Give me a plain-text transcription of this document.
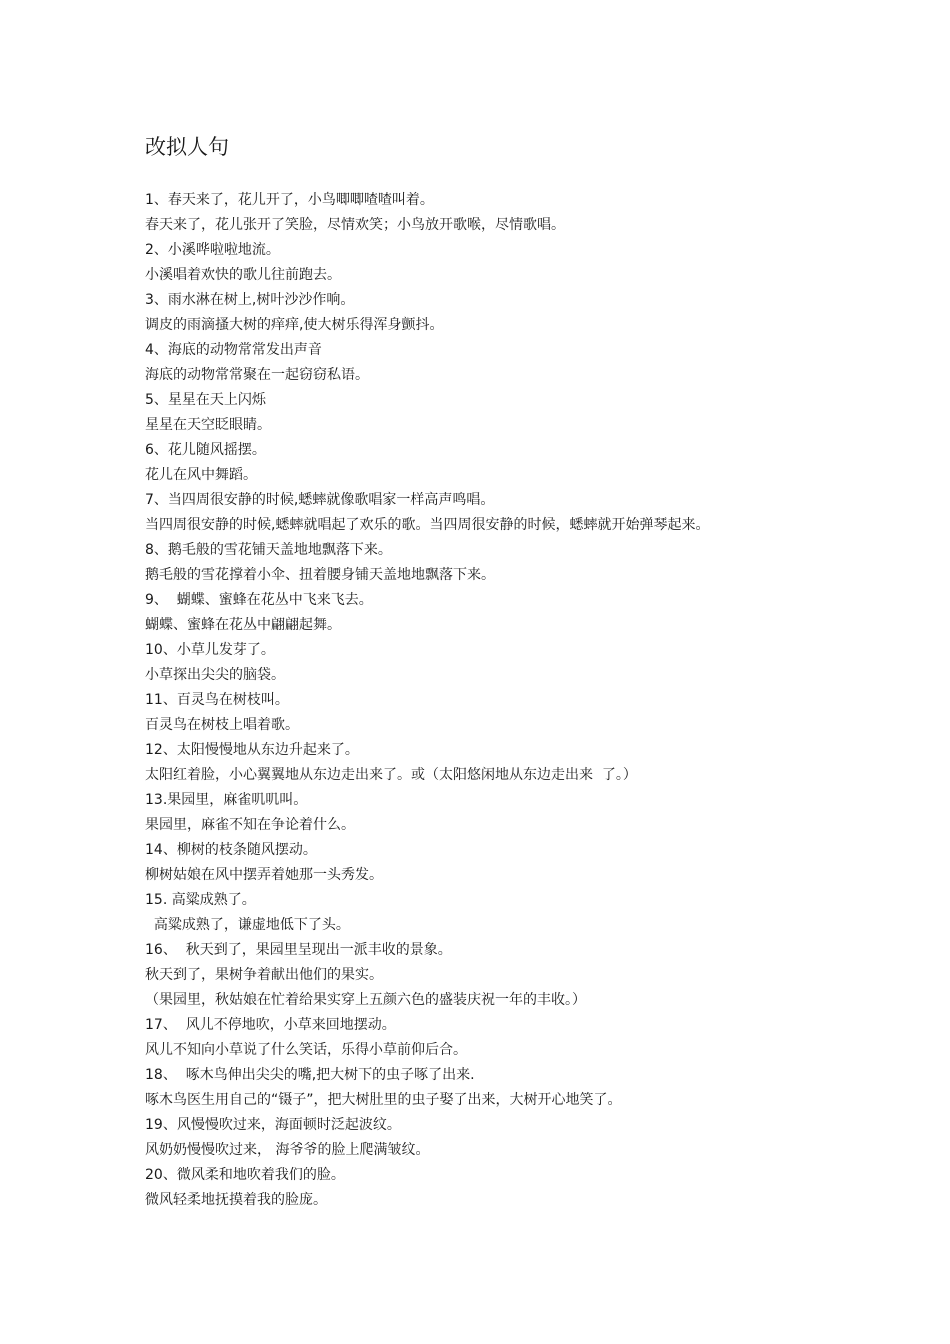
改拟人句
1、春天来了，花儿开了，小鸟唧唧喳喳叫着。
春天来了，花儿张开了笑脸，尽情欢笑；小鸟放开歌喉，尽情歌唱。
2、小溪哗啦啦地流。
小溪唱着欢快的歌儿往前跑去。
3、雨水淋在树上,树叶沙沙作响。
调皮的雨滴搔大树的痒痒,使大树乐得浑身颤抖。
4、海底的动物常常发出声音
海底的动物常常聚在一起窃窃私语。
5、星星在天上闪烁
星星在天空眨眼睛。
6、花儿随风摇摆。
花儿在风中舞蹈。
7、当四周很安静的时候,蟋蟀就像歌唱家一样高声鸣唱。
当四周很安静的时候,蟋蟀就唱起了欢乐的歌。当四周很安静的时候，蟋蟀就开始弹琴起来。
8、鹅毛般的雪花铺天盖地地飘落下来。
鹅毛般的雪花撑着小伞、扭着腰身铺天盖地地飘落下来。
9、  蝴蝶、蜜蜂在花丛中飞来飞去。
蝴蝶、蜜蜂在花丛中翩翩起舞。
10、小草儿发芽了。
小草探出尖尖的脑袋。
11、百灵鸟在树枝叫。
百灵鸟在树枝上唱着歌。
12、太阳慢慢地从东边升起来了。
太阳红着脸，小心翼翼地从东边走出来了。或（太阳悠闲地从东边走出来  了。）
13.果园里，麻雀叽叽叫。
果园里，麻雀不知在争论着什么。
14、柳树的枝条随风摆动。
柳树姑娘在风中摆弄着她那一头秀发。
15. 高粱成熟了。
高粱成熟了，谦虚地低下了头。
16、  秋天到了，果园里呈现出一派丰收的景象。
秋天到了，果树争着献出他们的果实。
（果园里，秋姑娘在忙着给果实穿上五颜六色的盛装庆祝一年的丰收。）
17、  风儿不停地吹，小草来回地摆动。
风儿不知向小草说了什么笑话，乐得小草前仰后合。
18、  啄木鸟伸出尖尖的嘴,把大树下的虫子啄了出来.
啄木鸟医生用自己的“镊子”，把大树肚里的虫子娶了出来，大树开心地笑了。
19、风慢慢吹过来，海面顿时泛起波纹。
风奶奶慢慢吹过来， 海爷爷的脸上爬满皱纹。
20、微风柔和地吹着我们的脸。
微风轻柔地抚摸着我的脸庞。
